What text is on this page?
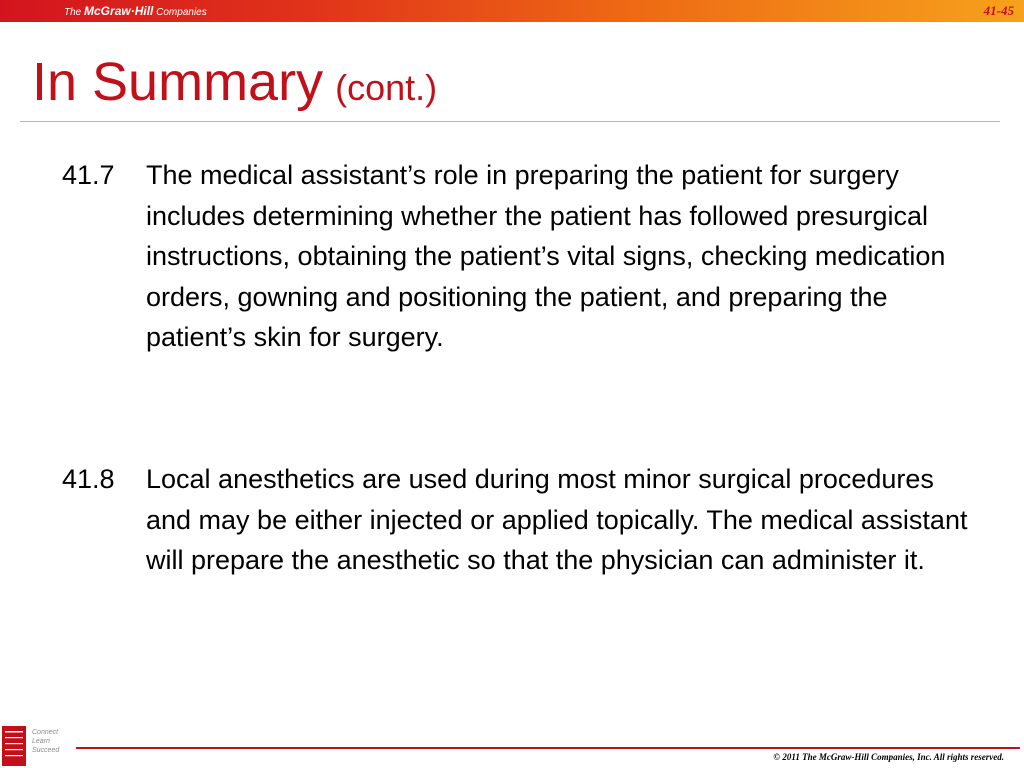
The McGraw·Hill Companies	41-45
In Summary (cont.)
41.7 The medical assistant’s role in preparing the patient for surgery includes determining whether the patient has followed presurgical instructions, obtaining the patient’s vital signs, checking medication orders, gowning and positioning the patient, and preparing the patient’s skin for surgery.

41.8 Local anesthetics are used during most minor surgical procedures and may be either injected or applied topically. The medical assistant will prepare the anesthetic so that the physician can administer it.

Connect
Learn
Succeed
© 2011 The McGraw-Hill Companies, Inc. All rights reserved.
